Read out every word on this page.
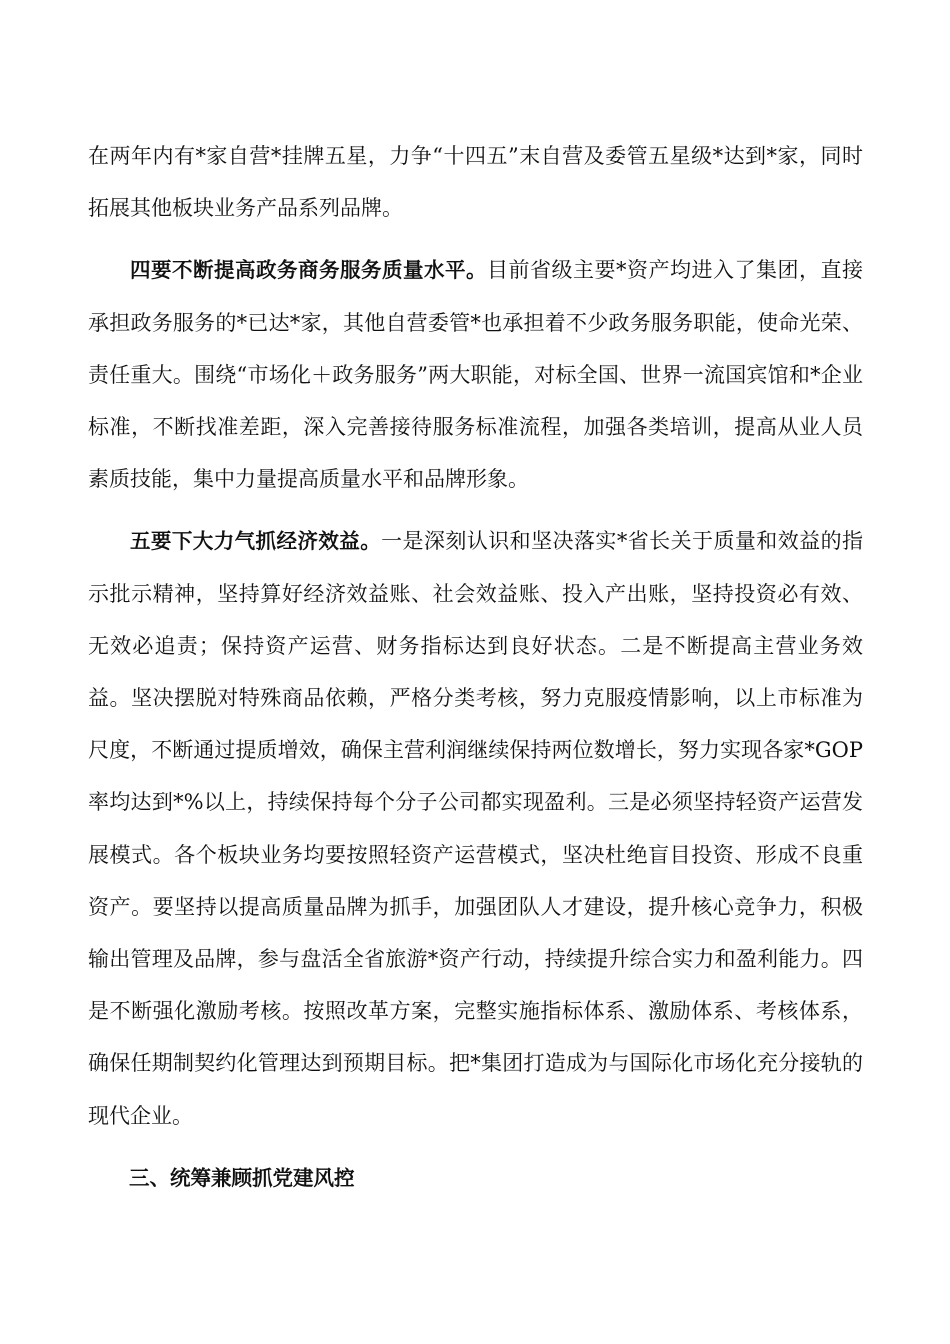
在两年内有*家自营*挂牌五星，力争“十四五”末自营及委管五星级*达到*家，同时拓展其他板块业务产品系列品牌。

四要不断提高政务商务服务质量水平。目前省级主要*资产均进入了集团，直接承担政务服务的*已达*家，其他自营委管*也承担着不少政务服务职能，使命光荣、责任重大。围绕“市场化＋政务服务”两大职能，对标全国、世界一流国宾馆和*企业标准，不断找准差距，深入完善接待服务标准流程，加强各类培训，提高从业人员素质技能，集中力量提高质量水平和品牌形象。

五要下大力气抓经济效益。一是深刻认识和坚决落实*省长关于质量和效益的指示批示精神，坚持算好经济效益账、社会效益账、投入产出账，坚持投资必有效、无效必追责；保持资产运营、财务指标达到良好状态。二是不断提高主营业务效益。坚决摆脱对特殊商品依赖，严格分类考核，努力克服疫情影响，以上市标准为尺度，不断通过提质增效，确保主营利润继续保持两位数增长，努力实现各家*GOP率均达到*%以上，持续保持每个分子公司都实现盈利。三是必须坚持轻资产运营发展模式。各个板块业务均要按照轻资产运营模式，坚决杜绝盲目投资、形成不良重资产。要坚持以提高质量品牌为抓手，加强团队人才建设，提升核心竞争力，积极输出管理及品牌，参与盘活全省旅游*资产行动，持续提升综合实力和盈利能力。四是不断强化激励考核。按照改革方案，完整实施指标体系、激励体系、考核体系，确保任期制契约化管理达到预期目标。把*集团打造成为与国际化市场化充分接轨的现代企业。

三、统筹兼顾抓党建风控
